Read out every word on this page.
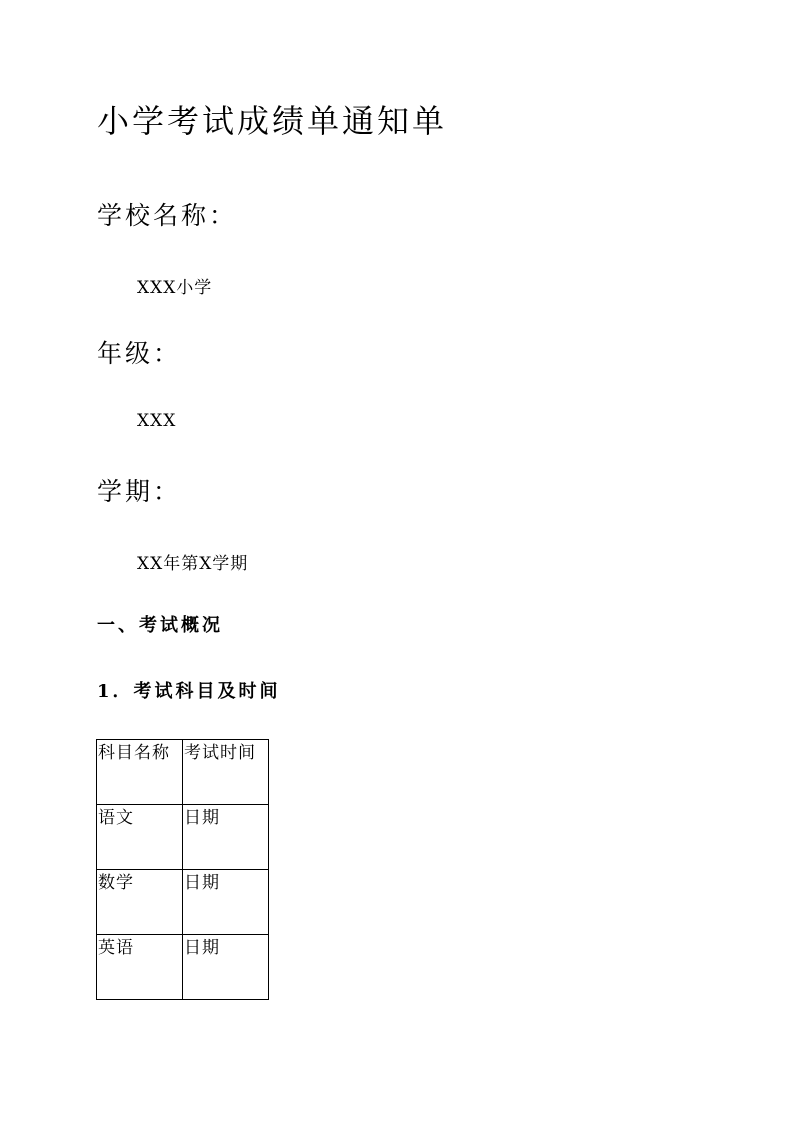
小学考试成绩单通知单
学校名称：

XXX小学

年级：

XXX

学期：

XX年第X学期

一、考试概况
1．考试科目及时间
科目名称	考试时间
语文	日期
数学	日期
英语	日期
